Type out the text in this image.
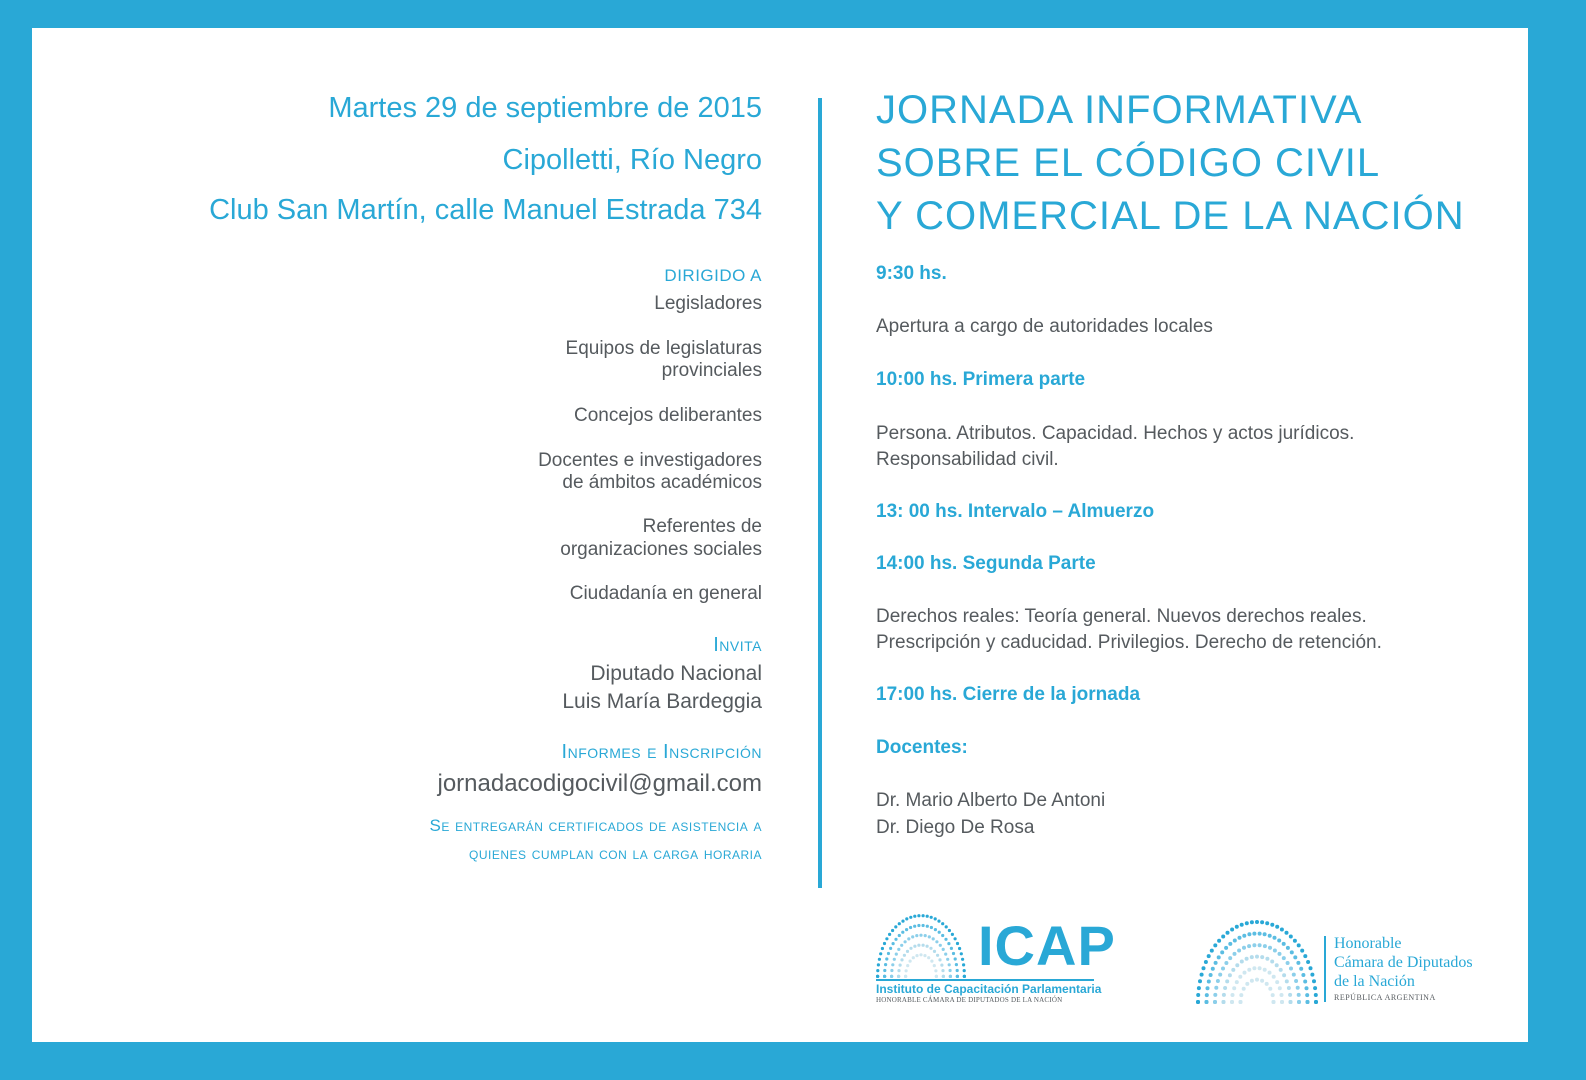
Martes 29 de septiembre de 2015
Cipolletti, Río Negro
Club San Martín, calle Manuel Estrada 734
DIRIGIDO A
Legisladores
Equipos de legislaturas
provinciales
Concejos deliberantes
Docentes e investigadores
de ámbitos académicos
Referentes de
organizaciones sociales
Ciudadanía en general
Invita
Diputado Nacional
Luis María Bardeggia
Informes e Inscripción
jornadacodigocivil@gmail.com
Se entregarán certificados de asistencia a
quienes cumplan con la carga horaria
JORNADA INFORMATIVA
SOBRE EL CÓDIGO CIVIL
Y COMERCIAL DE LA NACIÓN
9:30 hs.
Apertura a cargo de autoridades locales
10:00 hs. Primera parte
Persona. Atributos. Capacidad. Hechos y actos jurídicos.
Responsabilidad civil.
13: 00 hs. Intervalo – Almuerzo
14:00 hs. Segunda Parte
Derechos reales: Teoría general. Nuevos derechos reales.
Prescripción y caducidad. Privilegios. Derecho de retención.
17:00 hs. Cierre de la jornada
Docentes:
Dr. Mario Alberto De Antoni
Dr. Diego De Rosa
ICAP
Instituto de Capacitación Parlamentaria
HONORABLE CÁMARA DE DIPUTADOS DE LA NACIÓN
Honorable
Cámara de Diputados
de la Nación
REPÚBLICA ARGENTINA
